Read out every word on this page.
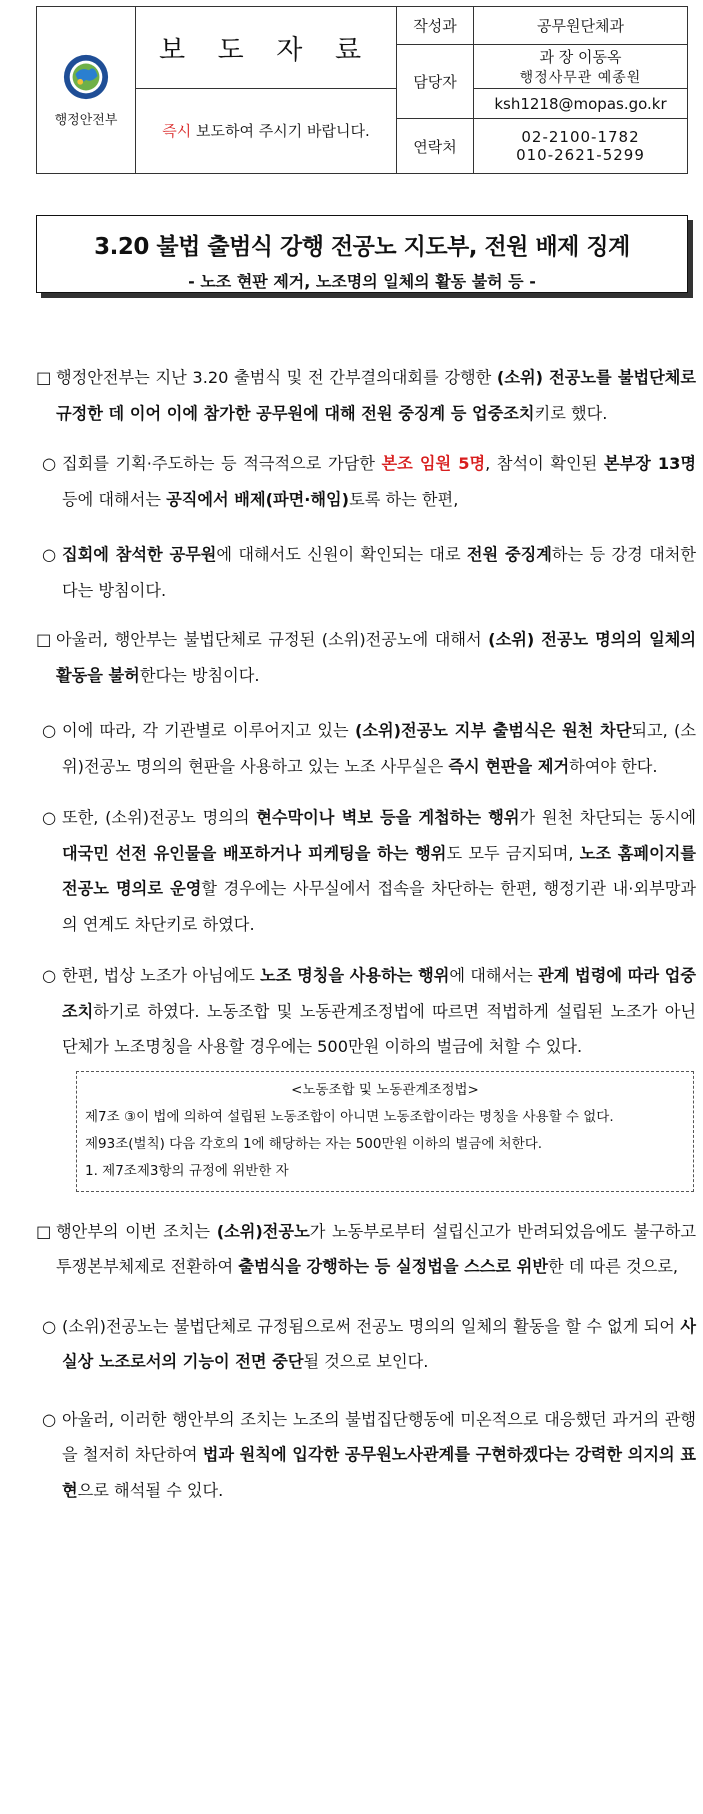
행정안전부	보 도 자 료	작성과	공무원단체과
		담당자	과 장 이동옥
행정사무관 예종원

	즉시 보도하여 주시기 바랍니다.		ksh1218@mopas.go.kr
		연락처	02-2100-1782
010-2621-5299
3.20 불법 출범식 강행 전공노 지도부, 전원 배제 징계
- 노조 현판 제거, 노조명의 일체의 활동 불허 등 -
□ 행정안전부는 지난 3.20 출범식 및 전 간부결의대회를 강행한 (소위) 전공노를 불법단체로 규정한 데 이어 이에 참가한 공무원에 대해 전원 중징계 등 업중조치키로 했다.
○ 집회를 기획·주도하는 등 적극적으로 가담한 본조 임원 5명, 참석이 확인된 본부장 13명 등에 대해서는 공직에서 배제(파면·해임)토록 하는 한편,
○ 집회에 참석한 공무원에 대해서도 신원이 확인되는 대로 전원 중징계하는 등 강경 대처한다는 방침이다.
□ 아울러, 행안부는 불법단체로 규정된 (소위)전공노에 대해서 (소위) 전공노 명의의 일체의 활동을 불허한다는 방침이다.
○ 이에 따라, 각 기관별로 이루어지고 있는 (소위)전공노 지부 출범식은 원천 차단되고, (소위)전공노 명의의 현판을 사용하고 있는 노조 사무실은 즉시 현판을 제거하여야 한다.
○ 또한, (소위)전공노 명의의 현수막이나 벽보 등을 게첩하는 행위가 원천 차단되는 동시에 대국민 선전 유인물을 배포하거나 피케팅을 하는 행위도 모두 금지되며, 노조 홈페이지를 전공노 명의로 운영할 경우에는 사무실에서 접속을 차단하는 한편, 행정기관 내·외부망과의 연계도 차단키로 하였다.
○ 한편, 법상 노조가 아님에도 노조 명칭을 사용하는 행위에 대해서는 관계 법령에 따라 업중조치하기로 하였다. 노동조합 및 노동관계조정법에 따르면 적법하게 설립된 노조가 아닌 단체가 노조명칭을 사용할 경우에는 500만원 이하의 벌금에 처할 수 있다.
<노동조합 및 노동관계조정법>
제7조 ③이 법에 의하여 설립된 노동조합이 아니면 노동조합이라는 명칭을 사용할 수 없다.
제93조(벌칙) 다음 각호의 1에 해당하는 자는 500만원 이하의 벌금에 처한다.
1. 제7조제3항의 규정에 위반한 자
□ 행안부의 이번 조치는 (소위)전공노가 노동부로부터 설립신고가 반려되었음에도 불구하고 투쟁본부체제로 전환하여 출범식을 강행하는 등 실정법을 스스로 위반한 데 따른 것으로,
○ (소위)전공노는 불법단체로 규정됨으로써 전공노 명의의 일체의 활동을 할 수 없게 되어 사실상 노조로서의 기능이 전면 중단될 것으로 보인다.
○ 아울러, 이러한 행안부의 조치는 노조의 불법집단행동에 미온적으로 대응했던 과거의 관행을 철저히 차단하여 법과 원칙에 입각한 공무원노사관계를 구현하겠다는 강력한 의지의 표현으로 해석될 수 있다.
